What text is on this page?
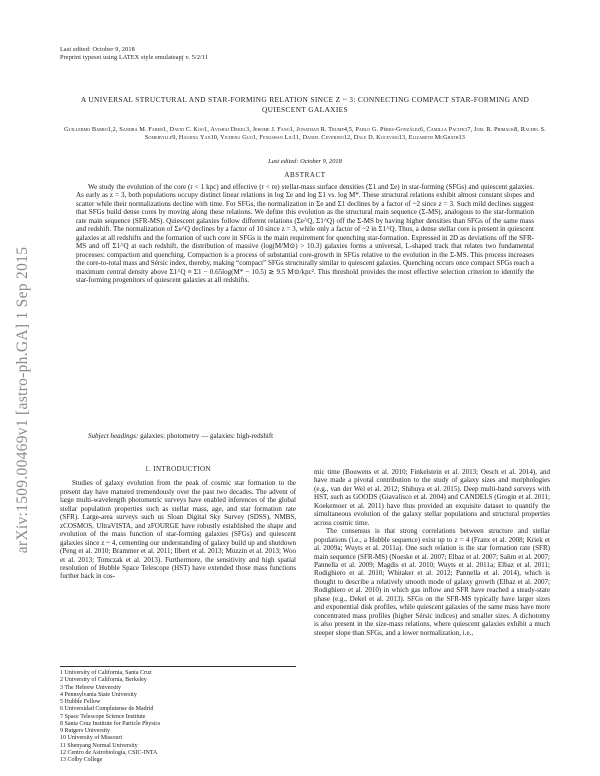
Last edited: October 9, 2018
Preprint typeset using LATEX style emulateapj v. 5/2/11
arXiv:1509.00469v1 [astro-ph.GA] 1 Sep 2015
A UNIVERSAL STRUCTURAL AND STAR-FORMING RELATION SINCE Z ~ 3: CONNECTING COMPACT STAR-FORMING AND QUIESCENT GALAXIES
Guillermo Barro1,2, Sandra M. Faber1, David C. Koo1, Avishai Dekel3, Jerome J. Fang1, Jonathan R. Trump4,5, Pablo G. Pérez-González6, Camilla Pacifici7, Joel R. Primack8, Rachel S. Somerville9, Haojing Yan10, Yicheng Guo1, Fengshan Liu11, Daniel Ceverino12, Dale D. Kocevski13, Elizabeth McGrath13
Last edited: October 9, 2018
ABSTRACT
We study the evolution of the core (r < 1 kpc) and effective (r < re) stellar-mass surface densities (Σ1 and Σe) in star-forming (SFGs) and quiescent galaxies. As early as z = 3, both populations occupy distinct linear relations in log Σe and log Σ1 vs. log M*. These structural relations exhibit almost constant slopes and scatter while their normalizations decline with time. For SFGs, the normalization in Σe and Σ1 declines by a factor of ~2 since z = 3. Such mild declines suggest that SFGs build dense cores by moving along these relations. We define this evolution as the structural main sequence (Σ-MS), analogous to the star-formation rate main sequence (SFR-MS). Quiescent galaxies follow different relations (Σe^Q, Σ1^Q) off the Σ-MS by having higher densities than SFGs of the same mass and redshift. The normalization of Σe^Q declines by a factor of 10 since z = 3, while only a factor of ~2 in Σ1^Q. Thus, a dense stellar core is present in quiescent galaxies at all redshifts and the formation of such core in SFGs is the main requirement for quenching star-formation. Expressed in 2D as deviations off the SFR-MS and off Σ1^Q at each redshift, the distribution of massive (log(M/M⊙) > 10.3) galaxies forms a universal, L-shaped track that relates two fundamental processes: compaction and quenching. Compaction is a process of substantial core-growth in SFGs relative to the evolution in the Σ-MS. This process increases the core-to-total mass and Sérsic index, thereby, making “compact” SFGs structurally similar to quiescent galaxies. Quenching occurs once compact SFGs reach a maximum central density above Σ1^Q ≡ Σ1 − 0.65log(M* − 10.5) ≳ 9.5 M⊙/kpc². This threshold provides the most effective selection criterion to identify the star-forming progenitors of quiescent galaxies at all redshifts.
Subject headings: galaxies: photometry — galaxies: high-redshift
1. INTRODUCTION

Studies of galaxy evolution from the peak of cosmic star formation to the present day have matured tremendously over the past two decades. The advent of large multi-wavelength photometric surveys have enabled inferences of the global stellar population properties such as stellar mass, age, and star formation rate (SFR). Large-area surveys such us Sloan Digital Sky Survey (SDSS), NMBS, zCOSMOS, UltraVISTA, and zFOURGE have robustly established the shape and evolution of the mass function of star-forming galaxies (SFGs) and quiescent galaxies since z ~ 4, cementing our understanding of galaxy build up and shutdown (Peng et al. 2010; Brammer et al. 2011; Ilbert et al. 2013; Muzzin et al. 2013; Woo et al. 2013; Tomczak et al. 2013). Furthermore, the sensitivity and high spatial resolution of Hubble Space Telescope (HST) have extended those mass functions further back in cos-

1 University of California, Santa Cruz
2 University of California, Berkeley
3 The Hebrew University
4 Pennsylvania State University
5 Hubble Fellow
6 Universidad Complutense de Madrid
7 Space Telescope Science Institute
8 Santa Cruz Institute for Particle Physics
9 Rutgers University
10 University of Missouri
11 Shenyang Normal University
12 Centro de Astrobiología, CSIC-INTA
13 Colby College

mic time (Bouwens et al. 2010; Finkelstein et al. 2013; Oesch et al. 2014), and have made a pivotal contribution to the study of galaxy sizes and morphologies (e.g., van der Wel et al. 2012; Shibuya et al. 2015). Deep multi-band surveys with HST, such as GOODS (Giavalisco et al. 2004) and CANDELS (Grogin et al. 2011; Koekemoer et al. 2011) have thus provided an exquisite dataset to quantify the simultaneous evolution of the galaxy stellar populations and structural properties across cosmic time.

The consensus is that strong correlations between structure and stellar populations (i.e., a Hubble sequence) exist up to z = 4 (Franx et al. 2008; Kriek et al. 2009a; Wuyts et al. 2011a). One such relation is the star formation rate (SFR) main sequence (SFR-MS) (Noeske et al. 2007; Elbaz et al. 2007; Salim et al. 2007; Pannella et al. 2009; Magdis et al. 2010; Wuyts et al. 2011a; Elbaz et al. 2011; Rodighiero et al. 2010; Whitaker et al. 2012; Pannella et al. 2014), which is thought to describe a relatively smooth mode of galaxy growth (Elbaz et al. 2007; Rodighiero et al. 2010) in which gas inflow and SFR have reached a steady-state phase (e.g., Dekel et al. 2013). SFGs on the SFR-MS typically have larger sizes and exponential disk profiles, while quiescent galaxies of the same mass have more concentrated mass profiles (higher Sérsic indices) and smaller sizes. A dichotomy is also present in the size-mass relations, where quiescent galaxies exhibit a much steeper slope than SFGs, and a lower normalization, i.e.,
